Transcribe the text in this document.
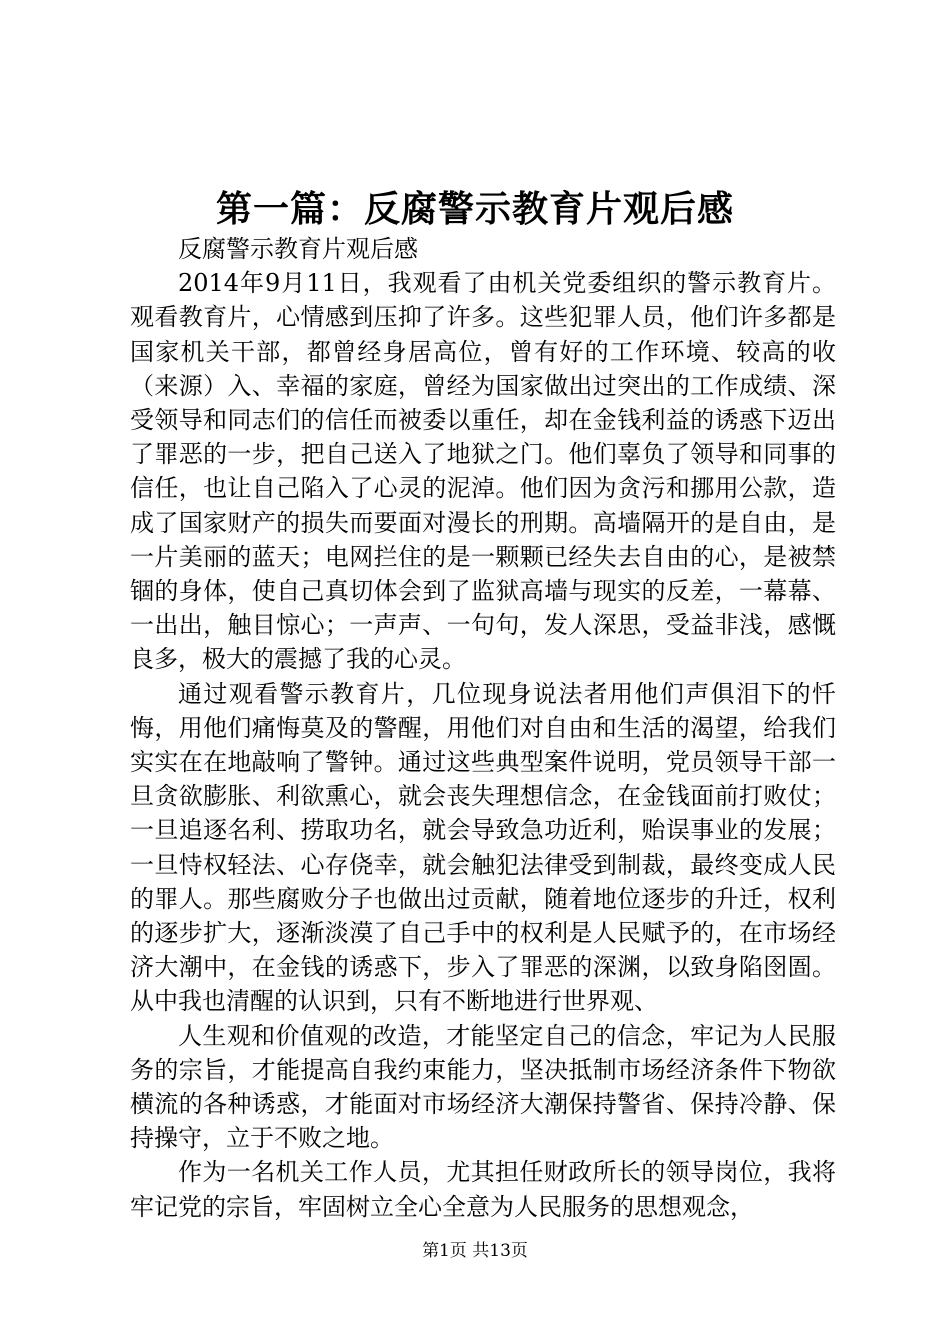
第一篇：反腐警示教育片观后感

反腐警示教育片观后感

2014年9月11日，我观看了由机关党委组织的警示教育片。观看教育片，心情感到压抑了许多。这些犯罪人员，他们许多都是国家机关干部，都曾经身居高位，曾有好的工作环境、较高的收（来源）入、幸福的家庭，曾经为国家做出过突出的工作成绩、深受领导和同志们的信任而被委以重任，却在金钱利益的诱惑下迈出了罪恶的一步，把自己送入了地狱之门。他们辜负了领导和同事的信任，也让自己陷入了心灵的泥淖。他们因为贪污和挪用公款，造成了国家财产的损失而要面对漫长的刑期。高墙隔开的是自由，是一片美丽的蓝天；电网拦住的是一颗颗已经失去自由的心，是被禁锢的身体，使自己真切体会到了监狱高墙与现实的反差，一幕幕、一出出，触目惊心；一声声、一句句，发人深思，受益非浅，感慨良多，极大的震撼了我的心灵。

通过观看警示教育片，几位现身说法者用他们声俱泪下的忏悔，用他们痛悔莫及的警醒，用他们对自由和生活的渴望，给我们实实在在地敲响了警钟。通过这些典型案件说明，党员领导干部一旦贪欲膨胀、利欲熏心，就会丧失理想信念，在金钱面前打败仗；一旦追逐名利、捞取功名，就会导致急功近利，贻误事业的发展；一旦恃权轻法、心存侥幸，就会触犯法律受到制裁，最终变成人民的罪人。那些腐败分子也做出过贡献，随着地位逐步的升迁，权利的逐步扩大，逐渐淡漠了自己手中的权利是人民赋予的，在市场经济大潮中，在金钱的诱惑下，步入了罪恶的深渊，以致身陷囹圄。从中我也清醒的认识到，只有不断地进行世界观、

人生观和价值观的改造，才能坚定自己的信念，牢记为人民服务的宗旨，才能提高自我约束能力，坚决抵制市场经济条件下物欲横流的各种诱惑，才能面对市场经济大潮保持警省、保持冷静、保持操守，立于不败之地。

作为一名机关工作人员，尤其担任财政所长的领导岗位，我将牢记党的宗旨，牢固树立全心全意为人民服务的思想观念，

第1页 共13页
